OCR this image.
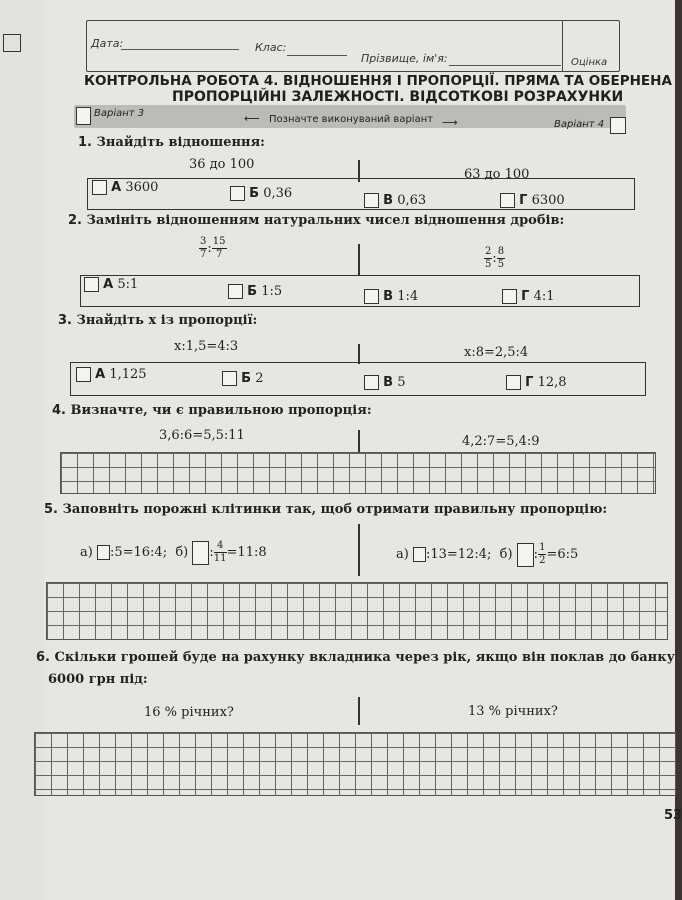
Дата:	Клас:
Прізвище, ім'я:	Оцінка
КОНТРОЛЬНА РОБОТА 4. ВІДНОШЕННЯ І ПРОПОРЦІЇ. ПРЯМА ТА ОБЕРНЕНА
ПРОПОРЦІЙНІ ЗАЛЕЖНОСТІ. ВІДСОТКОВІ РОЗРАХУНКИ
Варіант 3	⟵ Позначте виконуваний варіант ⟶	Варіант 4
1. Знайдіть відношення:
36 до 100
63 до 100
А 3600	Б 0,36	В 0,63	Г 6300
2. Замініть відношенням натуральних чисел відношення дробів:
$\frac{3}{7}$ : $\frac{15}{7}$	$\frac{2}{5}$ : $\frac{8}{5}$
А 5:1	Б 1:5	В 1:4	Г 4:1
3. Знайдіть x із пропорції:
x:1,5=4:3	x:8=2,5:4
А 1,125	Б 2	В 5	Г 12,8
4. Визначте, чи є правильною пропорція:
3,6:6=5,5:11	4,2:7=5,4:9
5. Заповніть порожні клітинки так, щоб отримати правильну пропорцію:
а) :5=16:4; б) : $\frac{4}{11}$ =11:8	а) :13=12:4; б) : $\frac{1}{2}$ =6:5
6. Скільки грошей буде на рахунку вкладника через рік, якщо він поклав до банку
6000 грн під:
16 % річних?	13 % річних?
53
